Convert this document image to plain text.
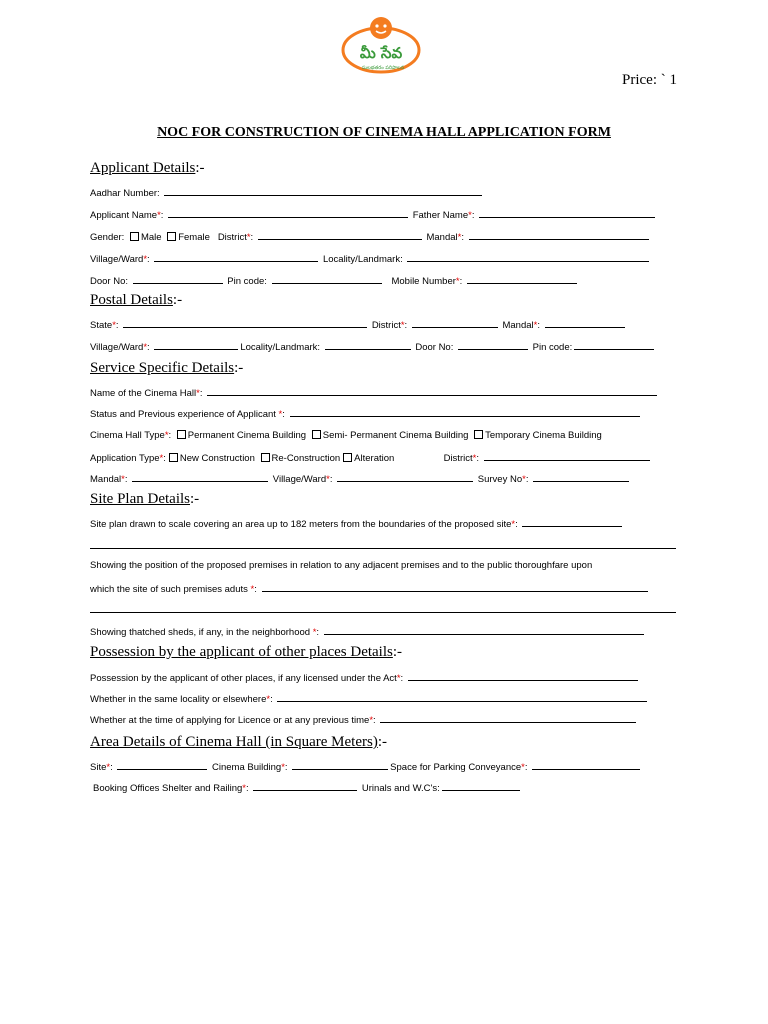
మీ సేవ
సులభతరం పరిపాలన
Price: ` 1
NOC FOR CONSTRUCTION OF CINEMA HALL APPLICATION FORM
Applicant Details:-
Aadhar Number:
Applicant Name*:	Father Name*:
Gender: Male Female District*:	Mandal*:
Village/Ward*:	Locality/Landmark:
Door No:	Pin code:	Mobile Number*:
Postal Details:-
State*:	District*:	Mandal*:
Village/Ward*:	Locality/Landmark:	Door No:	Pin code:
Service Specific Details:-
Name of the Cinema Hall*:
Status and Previous experience of Applicant *:
Cinema Hall Type*: Permanent Cinema Building Semi- Permanent Cinema Building Temporary Cinema Building
Application Type*: New Construction Re-Construction Alteration	District*:
Mandal*:	Village/Ward*:	Survey No*:
Site Plan Details:-
Site plan drawn to scale covering an area up to 182 meters from the boundaries of the proposed site*:
Showing the position of the proposed premises in relation to any adjacent premises and to the public thoroughfare upon
which the site of such premises aduts *:
Showing thatched sheds, if any, in the neighborhood *:
Possession by the applicant of other places Details:-
Possession by the applicant of other places, if any licensed under the Act*:
Whether in the same locality or elsewhere*:
Whether at the time of applying for Licence or at any previous time*:
Area Details of Cinema Hall (in Square Meters):-
Site*:	Cinema Building*:	Space for Parking Conveyance*:
Booking Offices Shelter and Railing*:	Urinals and W.C's:
